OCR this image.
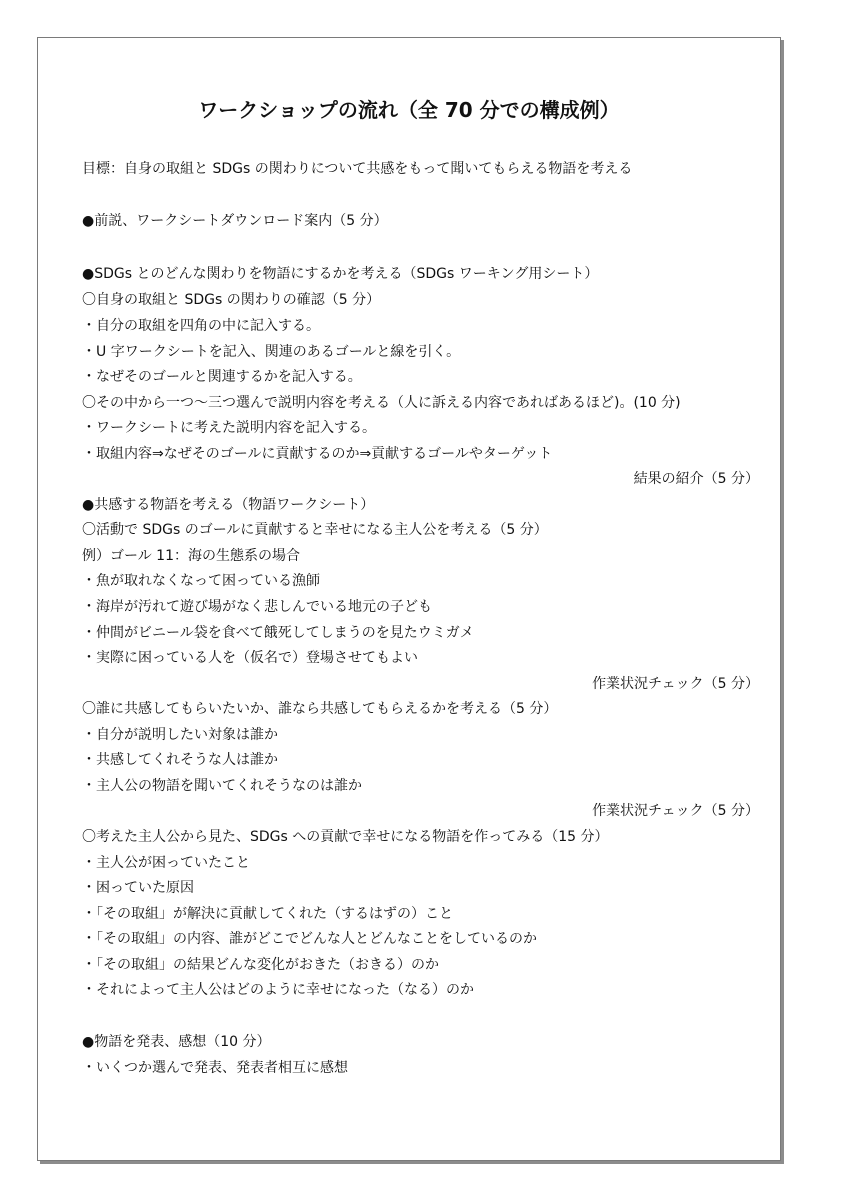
ワークショップの流れ（全 70 分での構成例）
目標：自身の取組と SDGs の関わりについて共感をもって聞いてもらえる物語を考える
●前説、ワークシートダウンロード案内（5 分）
●SDGs とのどんな関わりを物語にするかを考える（SDGs ワーキング用シート）
〇自身の取組と SDGs の関わりの確認（5 分）
・自分の取組を四角の中に記入する。
・U 字ワークシートを記入、関連のあるゴールと線を引く。
・なぜそのゴールと関連するかを記入する。
〇その中から一つ～三つ選んで説明内容を考える（人に訴える内容であればあるほど)。(10 分)
・ワークシートに考えた説明内容を記入する。
・取組内容⇒なぜそのゴールに貢献するのか⇒貢献するゴールやターゲット
結果の紹介（5 分）
●共感する物語を考える（物語ワークシート）
〇活動で SDGs のゴールに貢献すると幸せになる主人公を考える（5 分）
例）ゴール 11：海の生態系の場合
・魚が取れなくなって困っている漁師
・海岸が汚れて遊び場がなく悲しんでいる地元の子ども
・仲間がビニール袋を食べて餓死してしまうのを見たウミガメ
・実際に困っている人を（仮名で）登場させてもよい
作業状況チェック（5 分）
〇誰に共感してもらいたいか、誰なら共感してもらえるかを考える（5 分）
・自分が説明したい対象は誰か
・共感してくれそうな人は誰か
・主人公の物語を聞いてくれそうなのは誰か
作業状況チェック（5 分）
〇考えた主人公から見た、SDGs への貢献で幸せになる物語を作ってみる（15 分）
・主人公が困っていたこと
・困っていた原因
・「その取組」が解決に貢献してくれた（するはずの）こと
・「その取組」の内容、誰がどこでどんな人とどんなことをしているのか
・「その取組」の結果どんな変化がおきた（おきる）のか
・それによって主人公はどのように幸せになった（なる）のか
●物語を発表、感想（10 分）
・いくつか選んで発表、発表者相互に感想
